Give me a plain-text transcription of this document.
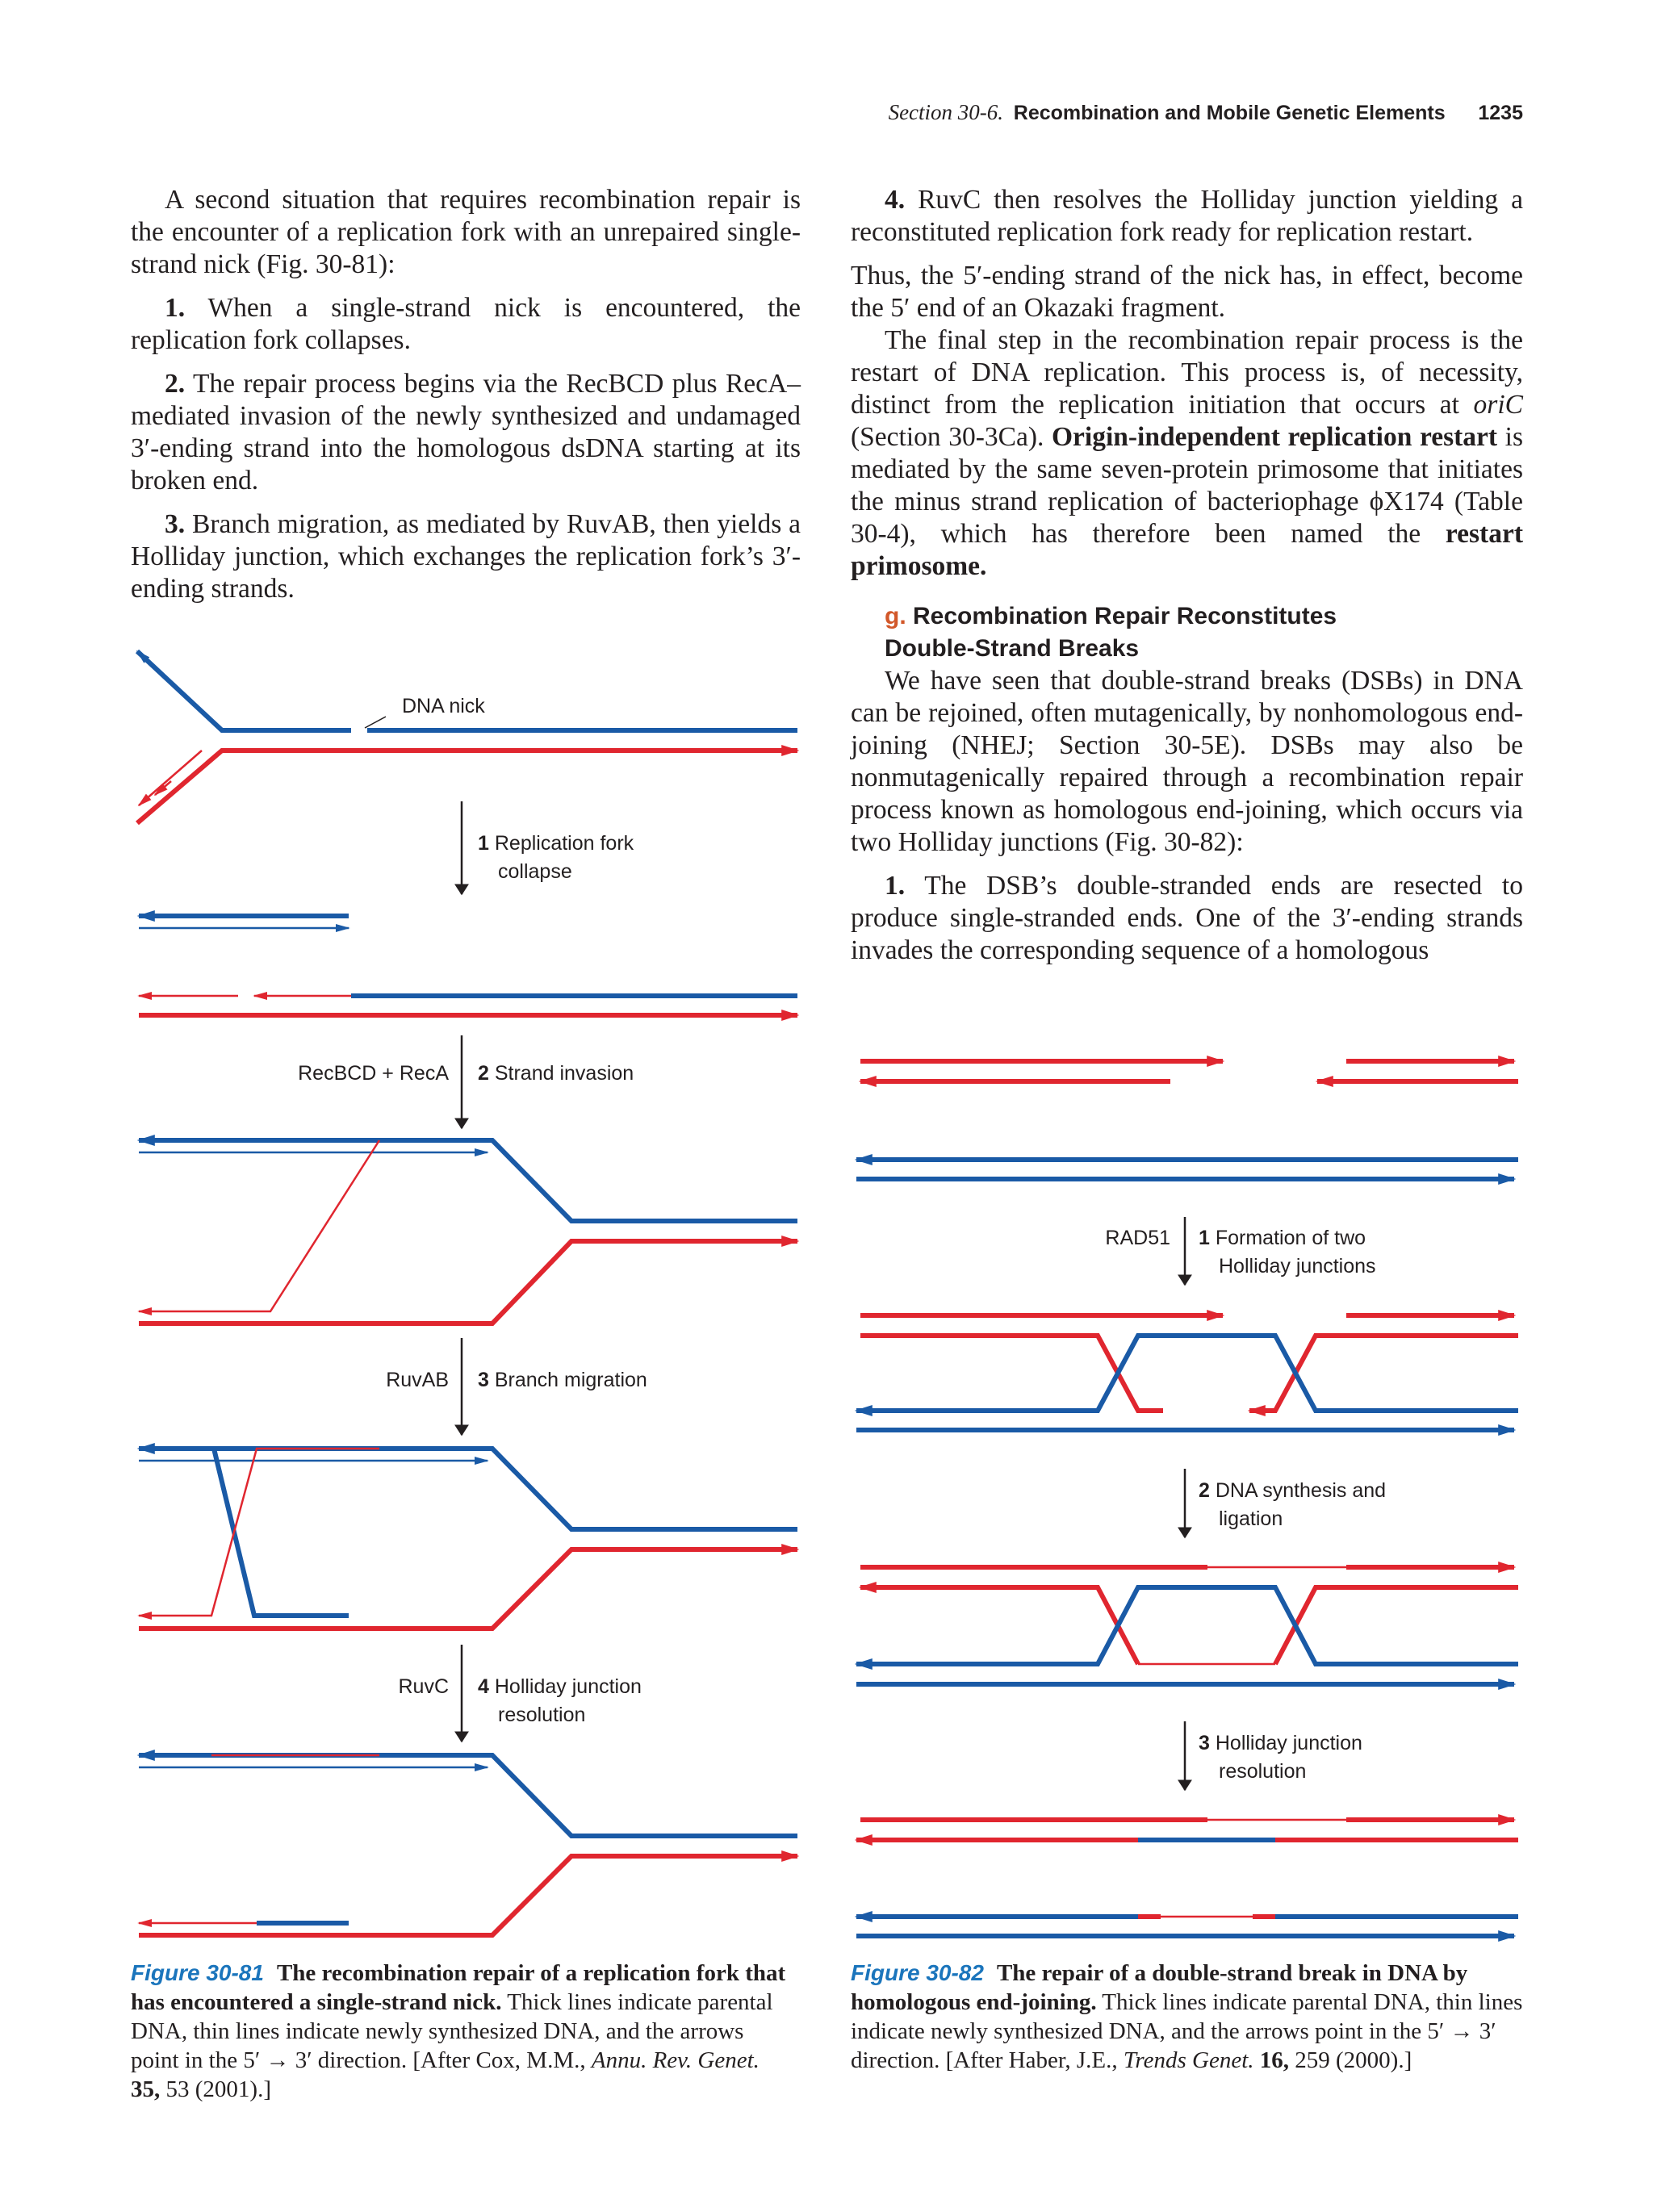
Section 30-6. Recombination and Mobile Genetic Elements 1235

A second situation that requires recombination repair is the encounter of a replication fork with an unrepaired single-strand nick (Fig. 30-81):

1. When a single-strand nick is encountered, the replication fork collapses.

2. The repair process begins via the RecBCD plus RecA–mediated invasion of the newly synthesized and undamaged 3′-ending strand into the homologous dsDNA starting at its broken end.

3. Branch migration, as mediated by RuvAB, then yields a Holliday junction, which exchanges the replication fork’s 3′-ending strands.

4. RuvC then resolves the Holliday junction yielding a reconstituted replication fork ready for replication restart.

Thus, the 5′-ending strand of the nick has, in effect, become the 5′ end of an Okazaki fragment.

The final step in the recombination repair process is the restart of DNA replication. This process is, of necessity, distinct from the replication initiation that occurs at oriC (Section 30-3Ca). Origin-independent replication restart is mediated by the same seven-protein primosome that initiates the minus strand replication of bacteriophage ϕX174 (Table 30-4), which has therefore been named the restart primosome.

g. Recombination Repair Reconstitutes
Double-Strand Breaks

We have seen that double-strand breaks (DSBs) in DNA can be rejoined, often mutagenically, by nonhomologous end-joining (NHEJ; Section 30-5E). DSBs may also be nonmutagenically repaired through a recombination repair process known as homologous end-joining, which occurs via two Holliday junctions (Fig. 30-82):

1. The DSB’s double-stranded ends are resected to produce single-stranded ends. One of the 3′-ending strands invades the corresponding sequence of a homologous

DNA nick
1 Replication fork
collapse
RecBCD + RecA 2 Strand invasion
RuvAB 3 Branch migration
RuvC 4 Holliday junction
resolution
RAD51 1 Formation of two
Holliday junctions
2 DNA synthesis and
ligation
3 Holliday junction
resolution
Figure 30-81 The recombination repair of a replication fork that has encountered a single-strand nick. Thick lines indicate parental DNA, thin lines indicate newly synthesized DNA, and the arrows point in the 5′ → 3′ direction. [After Cox, M.M., Annu. Rev. Genet. 35, 53 (2001).]
Figure 30-82 The repair of a double-strand break in DNA by homologous end-joining. Thick lines indicate parental DNA, thin lines indicate newly synthesized DNA, and the arrows point in the 5′ → 3′ direction. [After Haber, J.E., Trends Genet. 16, 259 (2000).]
